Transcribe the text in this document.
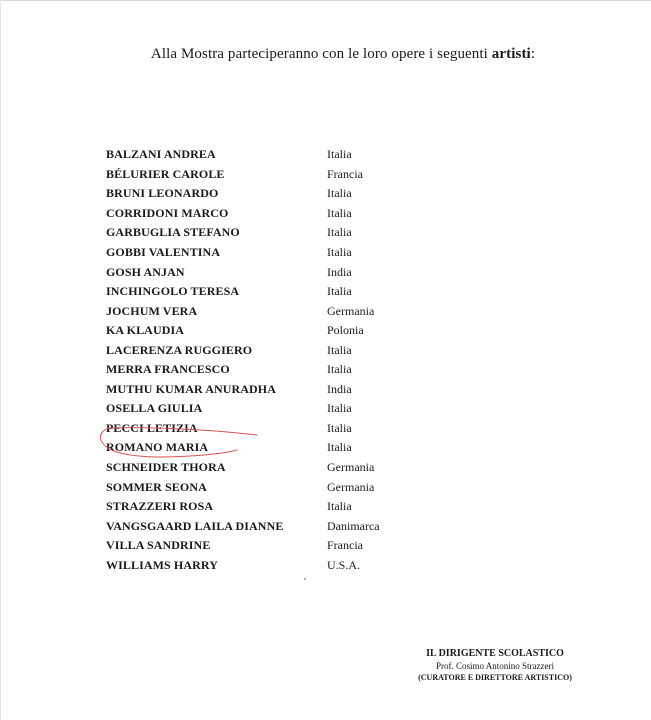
Alla Mostra parteciperanno con le loro opere i seguenti artisti:
BALZANI ANDREA	Italia
BÉLURIER CAROLE	Francia
BRUNI LEONARDO	Italia
CORRIDONI MARCO	Italia
GARBUGLIA STEFANO	Italia
GOBBI VALENTINA	Italia
GOSH ANJAN	India
INCHINGOLO TERESA	Italia
JOCHUM VERA	Germania
KA KLAUDIA	Polonia
LACERENZA RUGGIERO	Italia
MERRA FRANCESCO	Italia
MUTHU KUMAR ANURADHA	India
OSELLA GIULIA	Italia
PECCI LETIZIA	Italia
ROMANO MARIA	Italia
SCHNEIDER THORA	Germania
SOMMER SEONA	Germania
STRAZZERI ROSA	Italia
VANGSGAARD LAILA DIANNE	Danimarca
VILLA SANDRINE	Francia
WILLIAMS HARRY	U.S.A.
IL DIRIGENTE SCOLASTICO
Prof. Cosimo Antonino Strazzeri
(CURATORE E DIRETTORE ARTISTICO)
